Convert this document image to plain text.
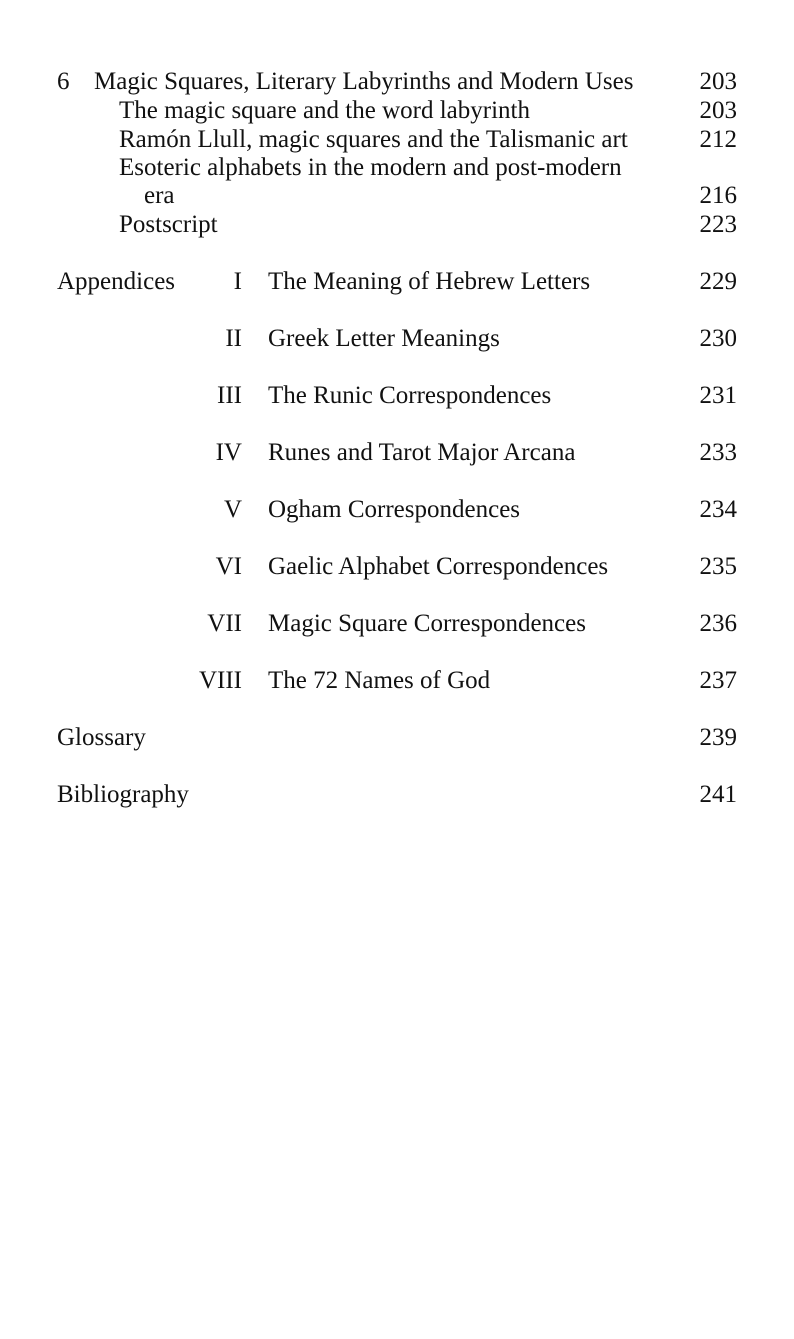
6 Magic Squares, Literary Labyrinths and Modern Uses	203
The magic square and the word labyrinth	203
Ramón Llull, magic squares and the Talismanic art	212
Esoteric alphabets in the modern and post-modern
era	216
Postscript	223
Appendices I The Meaning of Hebrew Letters	229
II Greek Letter Meanings	230
III The Runic Correspondences	231
IV Runes and Tarot Major Arcana	233
V Ogham Correspondences	234
VI Gaelic Alphabet Correspondences	235
VII Magic Square Correspondences	236
VIII The 72 Names of God	237
Glossary	239
Bibliography	241
